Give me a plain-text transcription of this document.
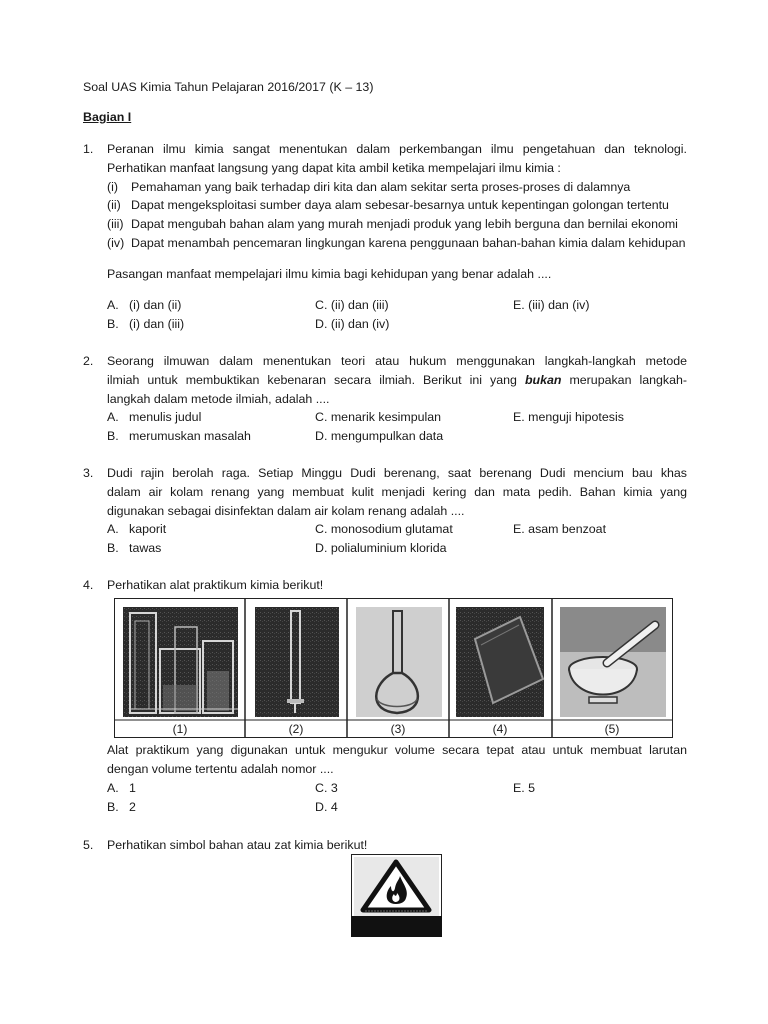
Soal UAS Kimia Tahun Pelajaran 2016/2017 (K – 13)
Bagian I
1. Peranan ilmu kimia sangat menentukan dalam perkembangan ilmu pengetahuan dan teknologi.
Perhatikan manfaat langsung yang dapat kita ambil ketika mempelajari ilmu kimia :
(i) Pemahaman yang baik terhadap diri kita dan alam sekitar serta proses-proses di dalamnya
(ii) Dapat mengeksploitasi sumber daya alam sebesar-besarnya untuk kepentingan golongan tertentu
(iii) Dapat mengubah bahan alam yang murah menjadi produk yang lebih berguna dan bernilai ekonomi
(iv) Dapat menambah pencemaran lingkungan karena penggunaan bahan-bahan kimia dalam kehidupan
Pasangan manfaat mempelajari ilmu kimia bagi kehidupan yang benar adalah ....
A. (i) dan (ii)	C. (ii) dan (iii)	E. (iii) dan (iv)
B. (i) dan (iii)	D. (ii) dan (iv)
2. Seorang ilmuwan dalam menentukan teori atau hukum menggunakan langkah-langkah metode
ilmiah untuk membuktikan kebenaran secara ilmiah. Berikut ini yang bukan merupakan langkah-
langkah dalam metode ilmiah, adalah ....
A. menulis judul	C. menarik kesimpulan	E. menguji hipotesis
B. merumuskan masalah	D. mengumpulkan data
3. Dudi rajin berolah raga. Setiap Minggu Dudi berenang, saat berenang Dudi mencium bau khas
dalam air kolam renang yang membuat kulit menjadi kering dan mata pedih. Bahan kimia yang
digunakan sebagai disinfektan dalam air kolam renang adalah ....
A. kaporit	C. monosodium glutamat	E. asam benzoat
B. tawas	D. polialuminium klorida
4. Perhatikan alat praktikum kimia berikut!
(1)	(2)	(3)	(4)	(5)
Alat praktikum yang digunakan untuk mengukur volume secara tepat atau untuk membuat larutan
dengan volume tertentu adalah nomor ....
A. 1	C. 3	E. 5
B. 2	D. 4
5. Perhatikan simbol bahan atau zat kimia berikut!
